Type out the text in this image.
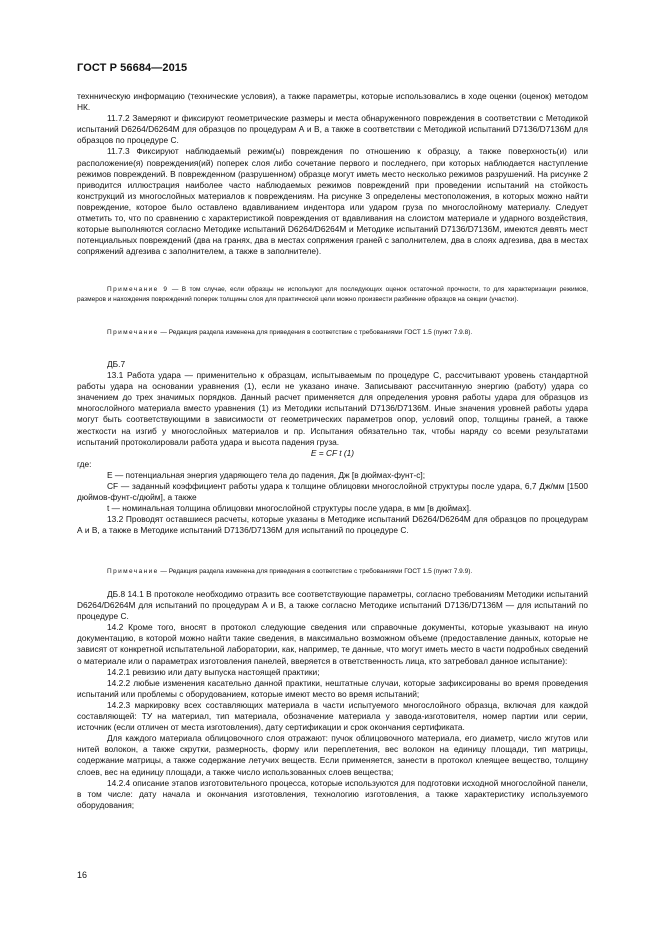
ГОСТ Р 56684—2015

технническую информацию (технические условия), а также параметры, которые использовались в ходе оценки (оценок) методом НК.

11.7.2 Замеряют и фиксируют геометрические размеры и места обнаруженного повреждения в соответствии с Методикой испытаний D6264/D6264M для образцов по процедурам А и В, а также в соответствии с Методикой испытаний D7136/D7136M для образцов по процедуре С.

11.7.3 Фиксируют наблюдаемый режим(ы) повреждения по отношению к образцу, а также поверхность(и) или расположение(я) повреждения(ий) поперек слоя либо сочетание первого и последнего, при которых наблюдается наступление режимов повреждений. В поврежденном (разрушенном) образце могут иметь место несколько режимов разрушений. На рисунке 2 приводится иллюстрация наиболее часто наблюдаемых режимов повреждений при проведении испытаний на стойкость конструкций из многослойных материалов к повреждениям. На рисунке 3 определены местоположения, в которых можно найти повреждение, которое было оставлено вдавливанием индентора или ударом груза по многослойному материалу. Следует отметить то, что по сравнению с характеристикой повреждения от вдавливания на слоистом материале и ударного воздействия, которые выполняются согласно Методике испытаний D6264/D6264M и Методике испытаний D7136/D7136M, имеются девять мест потенциальных повреждений (два на гранях, два в местах сопряжения граней с заполнителем, два в слоях адгезива, два в местах сопряжений адгезива с заполнителем, а также в заполнителе).

Примечание 9 — В том случае, если образцы не используют для последующих оценок остаточной прочности, то для характеризации режимов, размеров и нахождения повреждений поперек толщины слоя для практической цели можно произвести разбиение образцов на секции (участки).

Примечание — Редакция раздела изменена для приведения в соответствие с требованиями ГОСТ 1.5 (пункт 7.9.8).

ДБ.7

13.1 Работа удара — применительно к образцам, испытываемым по процедуре С, рассчитывают уровень стандартной работы удара на основании уравнения (1), если не указано иначе. Записывают рассчитанную энергию (работу) удара со значением до трех значимых порядков. Данный расчет применяется для определения уровня работы удара для образцов из многослойного материала вместо уравнения (1) из Методики испытаний D7136/D7136M. Иные значения уровней работы удара могут быть соответствующими в зависимости от геометрических параметров опор, условий опор, толщины граней, а также жесткости на изгиб у многослойных материалов и пр. Испытания обязательно так, чтобы наряду со всеми результатами испытаний протоколировали работа удара и высота падения груза.

E = CF t (1)

где:

E — потенциальная энергия ударяющего тела до падения, Дж [в дюймах-фунт-с];

CF — заданный коэффициент работы удара к толщине облицовки многослойной структуры после удара, 6,7 Дж/мм [1500 дюймов-фунт-с/дюйм], а также

t — номинальная толщина облицовки многослойной структуры после удара, в мм [в дюймах].

13.2 Проводят оставшиеся расчеты, которые указаны в Методике испытаний D6264/D6264M для образцов по процедурам А и В, а также в Методике испытаний D7136/D7136M для испытаний по процедуре С.

Примечание — Редакция раздела изменена для приведения в соответствие с требованиями ГОСТ 1.5 (пункт 7.9.9).

ДБ.8 14.1 В протоколе необходимо отразить все соответствующие параметры, согласно требованиям Методики испытаний D6264/D6264M для испытаний по процедурам А и В, а также согласно Методике испытаний D7136/D7136M — для испытаний по процедуре С.

14.2 Кроме того, вносят в протокол следующие сведения или справочные документы, которые указывают на иную документацию, в которой можно найти такие сведения, в максимально возможном объеме (предоставление данных, которые не зависят от конкретной испытательной лаборатории, как, например, те данные, что могут иметь место в части подробных сведений о материале или о параметрах изготовления панелей, вверяется в ответственность лица, кто затребовал данное испытание):

14.2.1 ревизию или дату выпуска настоящей практики;

14.2.2 любые изменения касательно данной практики, нештатные случаи, которые зафиксированы во время проведения испытаний или проблемы с оборудованием, которые имеют место во время испытаний;

14.2.3 маркировку всех составляющих материала в части испытуемого многослойного образца, включая для каждой составляющей: ТУ на материал, тип материала, обозначение материала у завода-изготовителя, номер партии или серии, источник (если отличен от места изготовления), дату сертификации и срок окончания сертификата.

Для каждого материала облицовочного слоя отражают: пучок облицовочного материала, его диаметр, число жгутов или нитей волокон, а также скрутки, размерность, форму или переплетения, вес волокон на единицу площади, тип матрицы, содержание матрицы, а также содержание летучих веществ. Если применяется, занести в протокол клеящее вещество, толщину слоев, вес на единицу площади, а также число использованных слоев вещества;

14.2.4 описание этапов изготовительного процесса, которые используются для подготовки исходной многослойной панели, в том числе: дату начала и окончания изготовления, технологию изготовления, а также характеристику используемого оборудования;

16
